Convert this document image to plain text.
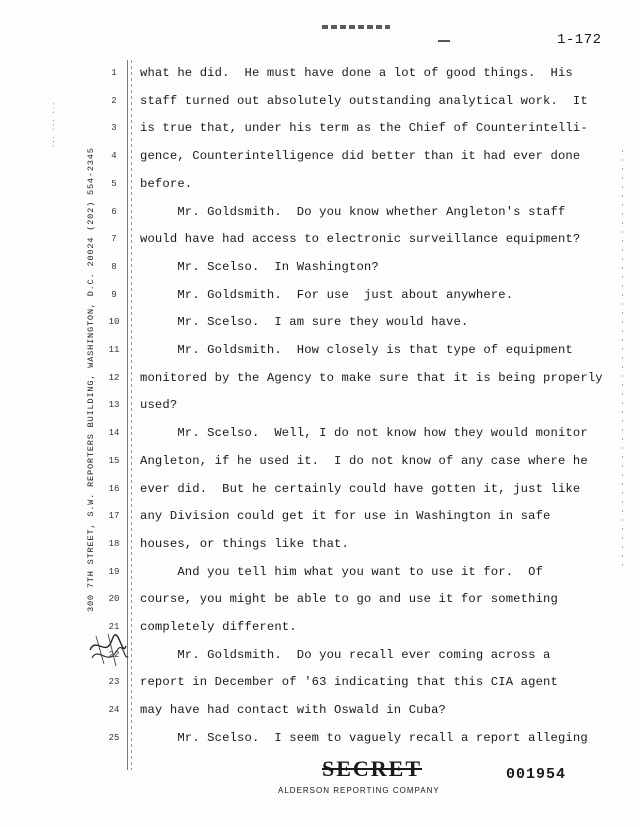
1-172
... ... ...
300 7TH STREET, S.W. REPORTERS BUILDING, WASHINGTON, D.C. 20024 (202) 554-2345
1
2
3
4
5
6
7
8
9
10
11
12
13
14
15
16
17
18
19
20
21
22
23
24
25
what he did.  He must have done a lot of good things.  His
staff turned out absolutely outstanding analytical work.  It
is true that, under his term as the Chief of Counterintelli-
gence, Counterintelligence did better than it had ever done
before.
Mr. Goldsmith.  Do you know whether Angleton's staff
would have had access to electronic surveillance equipment?
Mr. Scelso.  In Washington?
Mr. Goldsmith.  For use  just about anywhere.
Mr. Scelso.  I am sure they would have.
Mr. Goldsmith.  How closely is that type of equipment
monitored by the Agency to make sure that it is being properly
used?
Mr. Scelso.  Well, I do not know how they would monitor
Angleton, if he used it.  I do not know of any case where he
ever did.  But he certainly could have gotten it, just like
any Division could get it for use in Washington in safe
houses, or things like that.
And you tell him what you want to use it for.  Of
course, you might be able to go and use it for something
completely different.
Mr. Goldsmith.  Do you recall ever coming across a
report in December of '63 indicating that this CIA agent
may have had contact with Oswald in Cuba?
Mr. Scelso.  I seem to vaguely recall a report alleging
SECRET
ALDERSON REPORTING COMPANY
001954
